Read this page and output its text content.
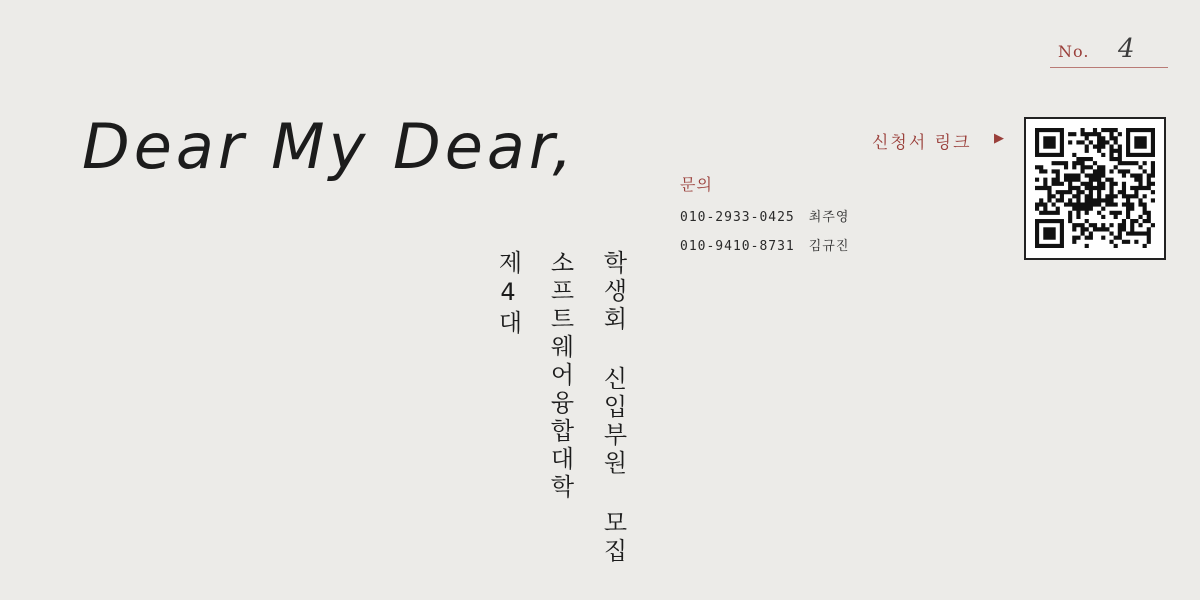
No. 4
Dear My Dear,	신청서 링크 ▶
문의
010-2933-0425 최주영
010-9410-8731 김규진
학생회 신입부원 모집
소프트웨어융합대학
제4대
